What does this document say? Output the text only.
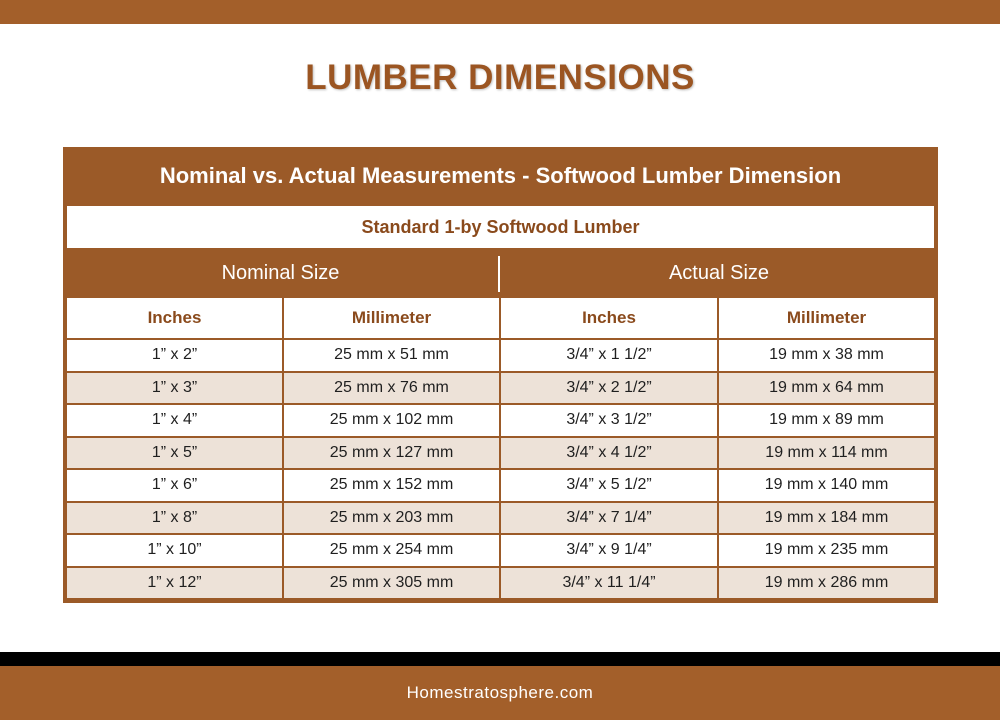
LUMBER DIMENSIONS
Nominal vs. Actual Measurements - Softwood Lumber Dimension
Standard 1-by Softwood Lumber
Nominal Size	Actual Size
Inches	Millimeter	Inches	Millimeter
1” x 2”	25 mm x 51 mm	3/4” x 1 1/2”	19 mm x 38 mm
1” x 3”	25 mm x 76 mm	3/4” x 2 1/2”	19 mm x 64 mm
1” x 4”	25 mm x 102 mm	3/4” x 3 1/2”	19 mm x 89 mm
1” x 5”	25 mm x 127 mm	3/4” x 4 1/2”	19 mm x 114 mm
1” x 6”	25 mm x 152 mm	3/4” x 5 1/2”	19 mm x 140 mm
1” x 8”	25 mm x 203 mm	3/4” x 7 1/4”	19 mm x 184 mm
1” x 10”	25 mm x 254 mm	3/4” x 9 1/4”	19 mm x 235 mm
1” x 12”	25 mm x 305 mm	3/4” x 11 1/4”	19 mm x 286 mm
Homestratosphere.com
